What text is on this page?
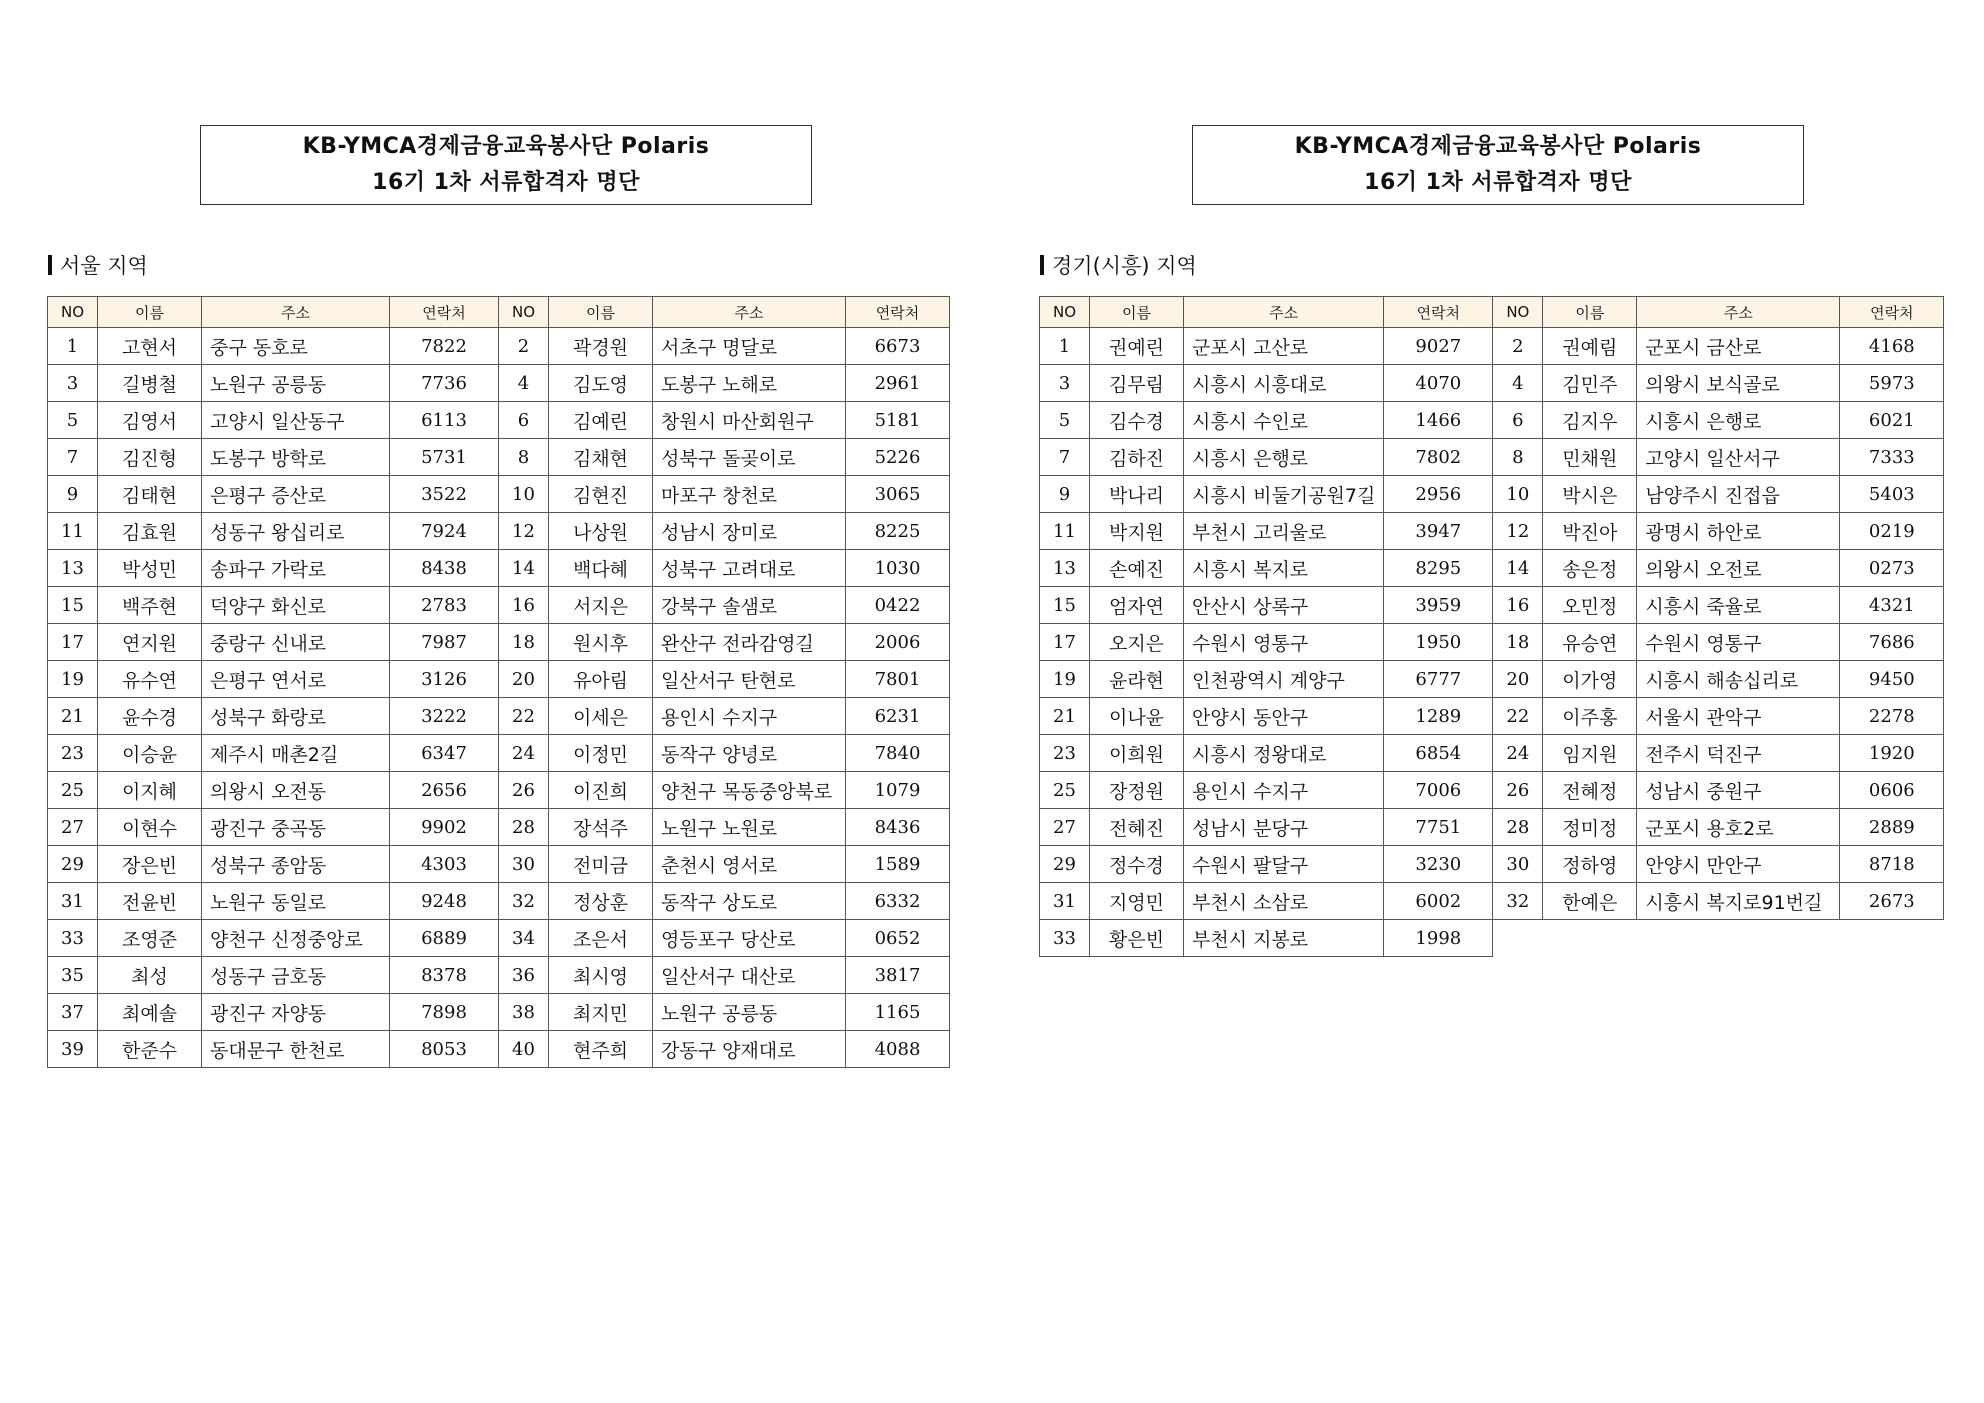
KB-YMCA경제금융교육봉사단 Polaris
16기 1차 서류합격자 명단
서울 지역
NO	이름	주소	연락처	NO	이름	주소	연락처
1	고현서	중구 동호로	7822	2	곽경원	서초구 명달로	6673
3	길병철	노원구 공릉동	7736	4	김도영	도봉구 노해로	2961
5	김영서	고양시 일산동구	6113	6	김예린	창원시 마산회원구	5181
7	김진형	도봉구 방학로	5731	8	김채현	성북구 돌곶이로	5226
9	김태현	은평구 증산로	3522	10	김현진	마포구 창천로	3065
11	김효원	성동구 왕십리로	7924	12	나상원	성남시 장미로	8225
13	박성민	송파구 가락로	8438	14	백다혜	성북구 고려대로	1030
15	백주현	덕양구 화신로	2783	16	서지은	강북구 솔샘로	0422
17	연지원	중랑구 신내로	7987	18	원시후	완산구 전라감영길	2006
19	유수연	은평구 연서로	3126	20	유아림	일산서구 탄현로	7801
21	윤수경	성북구 화랑로	3222	22	이세은	용인시 수지구	6231
23	이승윤	제주시 매촌2길	6347	24	이정민	동작구 양녕로	7840
25	이지혜	의왕시 오전동	2656	26	이진희	양천구 목동중앙북로	1079
27	이현수	광진구 중곡동	9902	28	장석주	노원구 노원로	8436
29	장은빈	성북구 종암동	4303	30	전미금	춘천시 영서로	1589
31	전윤빈	노원구 동일로	9248	32	정상훈	동작구 상도로	6332
33	조영준	양천구 신정중앙로	6889	34	조은서	영등포구 당산로	0652
35	최성	성동구 금호동	8378	36	최시영	일산서구 대산로	3817
37	최예솔	광진구 자양동	7898	38	최지민	노원구 공릉동	1165
39	한준수	동대문구 한천로	8053	40	현주희	강동구 양재대로	4088
KB-YMCA경제금융교육봉사단 Polaris
16기 1차 서류합격자 명단
경기(시흥) 지역
NO	이름	주소	연락처	NO	이름	주소	연락처
1	권예린	군포시 고산로	9027	2	권예림	군포시 금산로	4168
3	김무림	시흥시 시흥대로	4070	4	김민주	의왕시 보식골로	5973
5	김수경	시흥시 수인로	1466	6	김지우	시흥시 은행로	6021
7	김하진	시흥시 은행로	7802	8	민채원	고양시 일산서구	7333
9	박나리	시흥시 비둘기공원7길	2956	10	박시은	남양주시 진접읍	5403
11	박지원	부천시 고리울로	3947	12	박진아	광명시 하안로	0219
13	손예진	시흥시 복지로	8295	14	송은정	의왕시 오전로	0273
15	엄자연	안산시 상록구	3959	16	오민정	시흥시 죽율로	4321
17	오지은	수원시 영통구	1950	18	유승연	수원시 영통구	7686
19	윤라현	인천광역시 계양구	6777	20	이가영	시흥시 해송십리로	9450
21	이나윤	안양시 동안구	1289	22	이주홍	서울시 관악구	2278
23	이희원	시흥시 정왕대로	6854	24	임지원	전주시 덕진구	1920
25	장정원	용인시 수지구	7006	26	전혜정	성남시 중원구	0606
27	전혜진	성남시 분당구	7751	28	정미정	군포시 용호2로	2889
29	정수경	수원시 팔달구	3230	30	정하영	안양시 만안구	8718
31	지영민	부천시 소삼로	6002	32	한예은	시흥시 복지로91번길	2673
33	황은빈	부천시 지봉로	1998				
